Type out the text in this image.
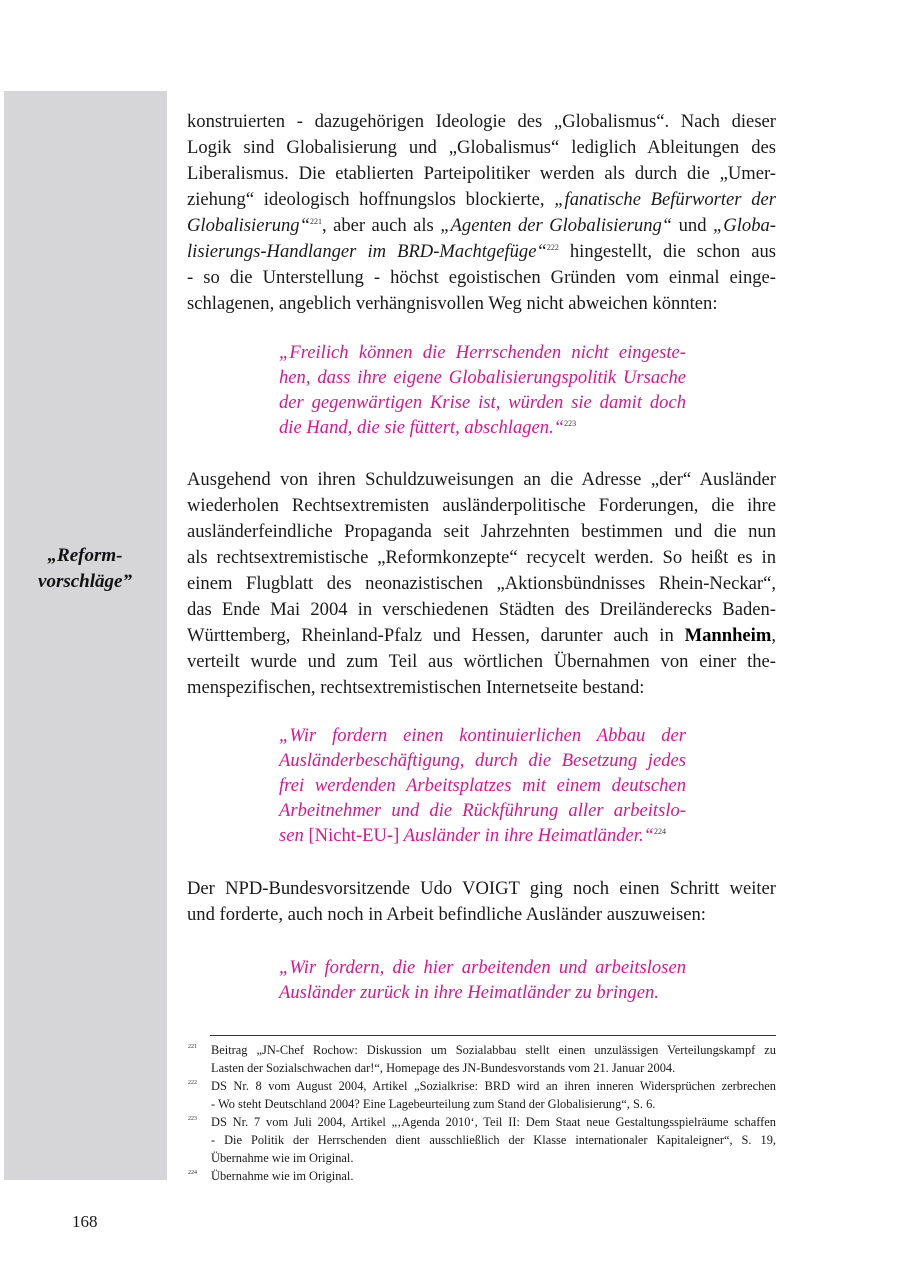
„Reform-
vorschläge”
konstruierten - dazugehörigen Ideologie des „Globalismus“. Nach dieser
Logik sind Globalisierung und „Globalismus“ lediglich Ableitungen des
Liberalismus. Die etablierten Parteipolitiker werden als durch die „Umer-
ziehung“ ideologisch hoffnungslos blockierte, „fanatische Befürworter der
Globalisierung“$^{221}$, aber auch als „Agenten der Globalisierung“ und „Globa-
lisierungs-Handlanger im BRD-Machtgefüge“$^{222}$ hingestellt, die schon aus
- so die Unterstellung - höchst egoistischen Gründen vom einmal einge-
schlagenen, angeblich verhängnisvollen Weg nicht abweichen könnten:
„Freilich können die Herrschenden nicht eingeste-
hen, dass ihre eigene Globalisierungspolitik Ursache
der gegenwärtigen Krise ist, würden sie damit doch
die Hand, die sie füttert, abschlagen.“$^{223}$
Ausgehend von ihren Schuldzuweisungen an die Adresse „der“ Ausländer
wiederholen Rechtsextremisten ausländerpolitische Forderungen, die ihre
ausländerfeindliche Propaganda seit Jahrzehnten bestimmen und die nun
als rechtsextremistische „Reformkonzepte“ recycelt werden. So heißt es in
einem Flugblatt des neonazistischen „Aktionsbündnisses Rhein-Neckar“,
das Ende Mai 2004 in verschiedenen Städten des Dreiländerecks Baden-
Württemberg, Rheinland-Pfalz und Hessen, darunter auch in Mannheim,
verteilt wurde und zum Teil aus wörtlichen Übernahmen von einer the-
menspezifischen, rechtsextremistischen Internetseite bestand:
„Wir fordern einen kontinuierlichen Abbau der
Ausländerbeschäftigung, durch die Besetzung jedes
frei werdenden Arbeitsplatzes mit einem deutschen
Arbeitnehmer und die Rückführung aller arbeitslo-
sen [Nicht-EU-] Ausländer in ihre Heimatländer.“$^{224}$
Der NPD-Bundesvorsitzende Udo VOIGT ging noch einen Schritt weiter
und forderte, auch noch in Arbeit befindliche Ausländer auszuweisen:
„Wir fordern, die hier arbeitenden und arbeitslosen
Ausländer zurück in ihre Heimatländer zu bringen.
221 Beitrag „JN-Chef Rochow: Diskussion um Sozialabbau stellt einen unzulässigen Verteilungskampf zu
Lasten der Sozialschwachen dar!“, Homepage des JN-Bundesvorstands vom 21. Januar 2004.
222 DS Nr. 8 vom August 2004, Artikel „Sozialkrise: BRD wird an ihren inneren Widersprüchen zerbrechen
- Wo steht Deutschland 2004? Eine Lagebeurteilung zum Stand der Globalisierung“, S. 6.
223 DS Nr. 7 vom Juli 2004, Artikel „‚Agenda 2010‘, Teil II: Dem Staat neue Gestaltungsspielräume schaffen
- Die Politik der Herrschenden dient ausschließlich der Klasse internationaler Kapitaleigner“, S. 19,
Übernahme wie im Original.
224 Übernahme wie im Original.
168
